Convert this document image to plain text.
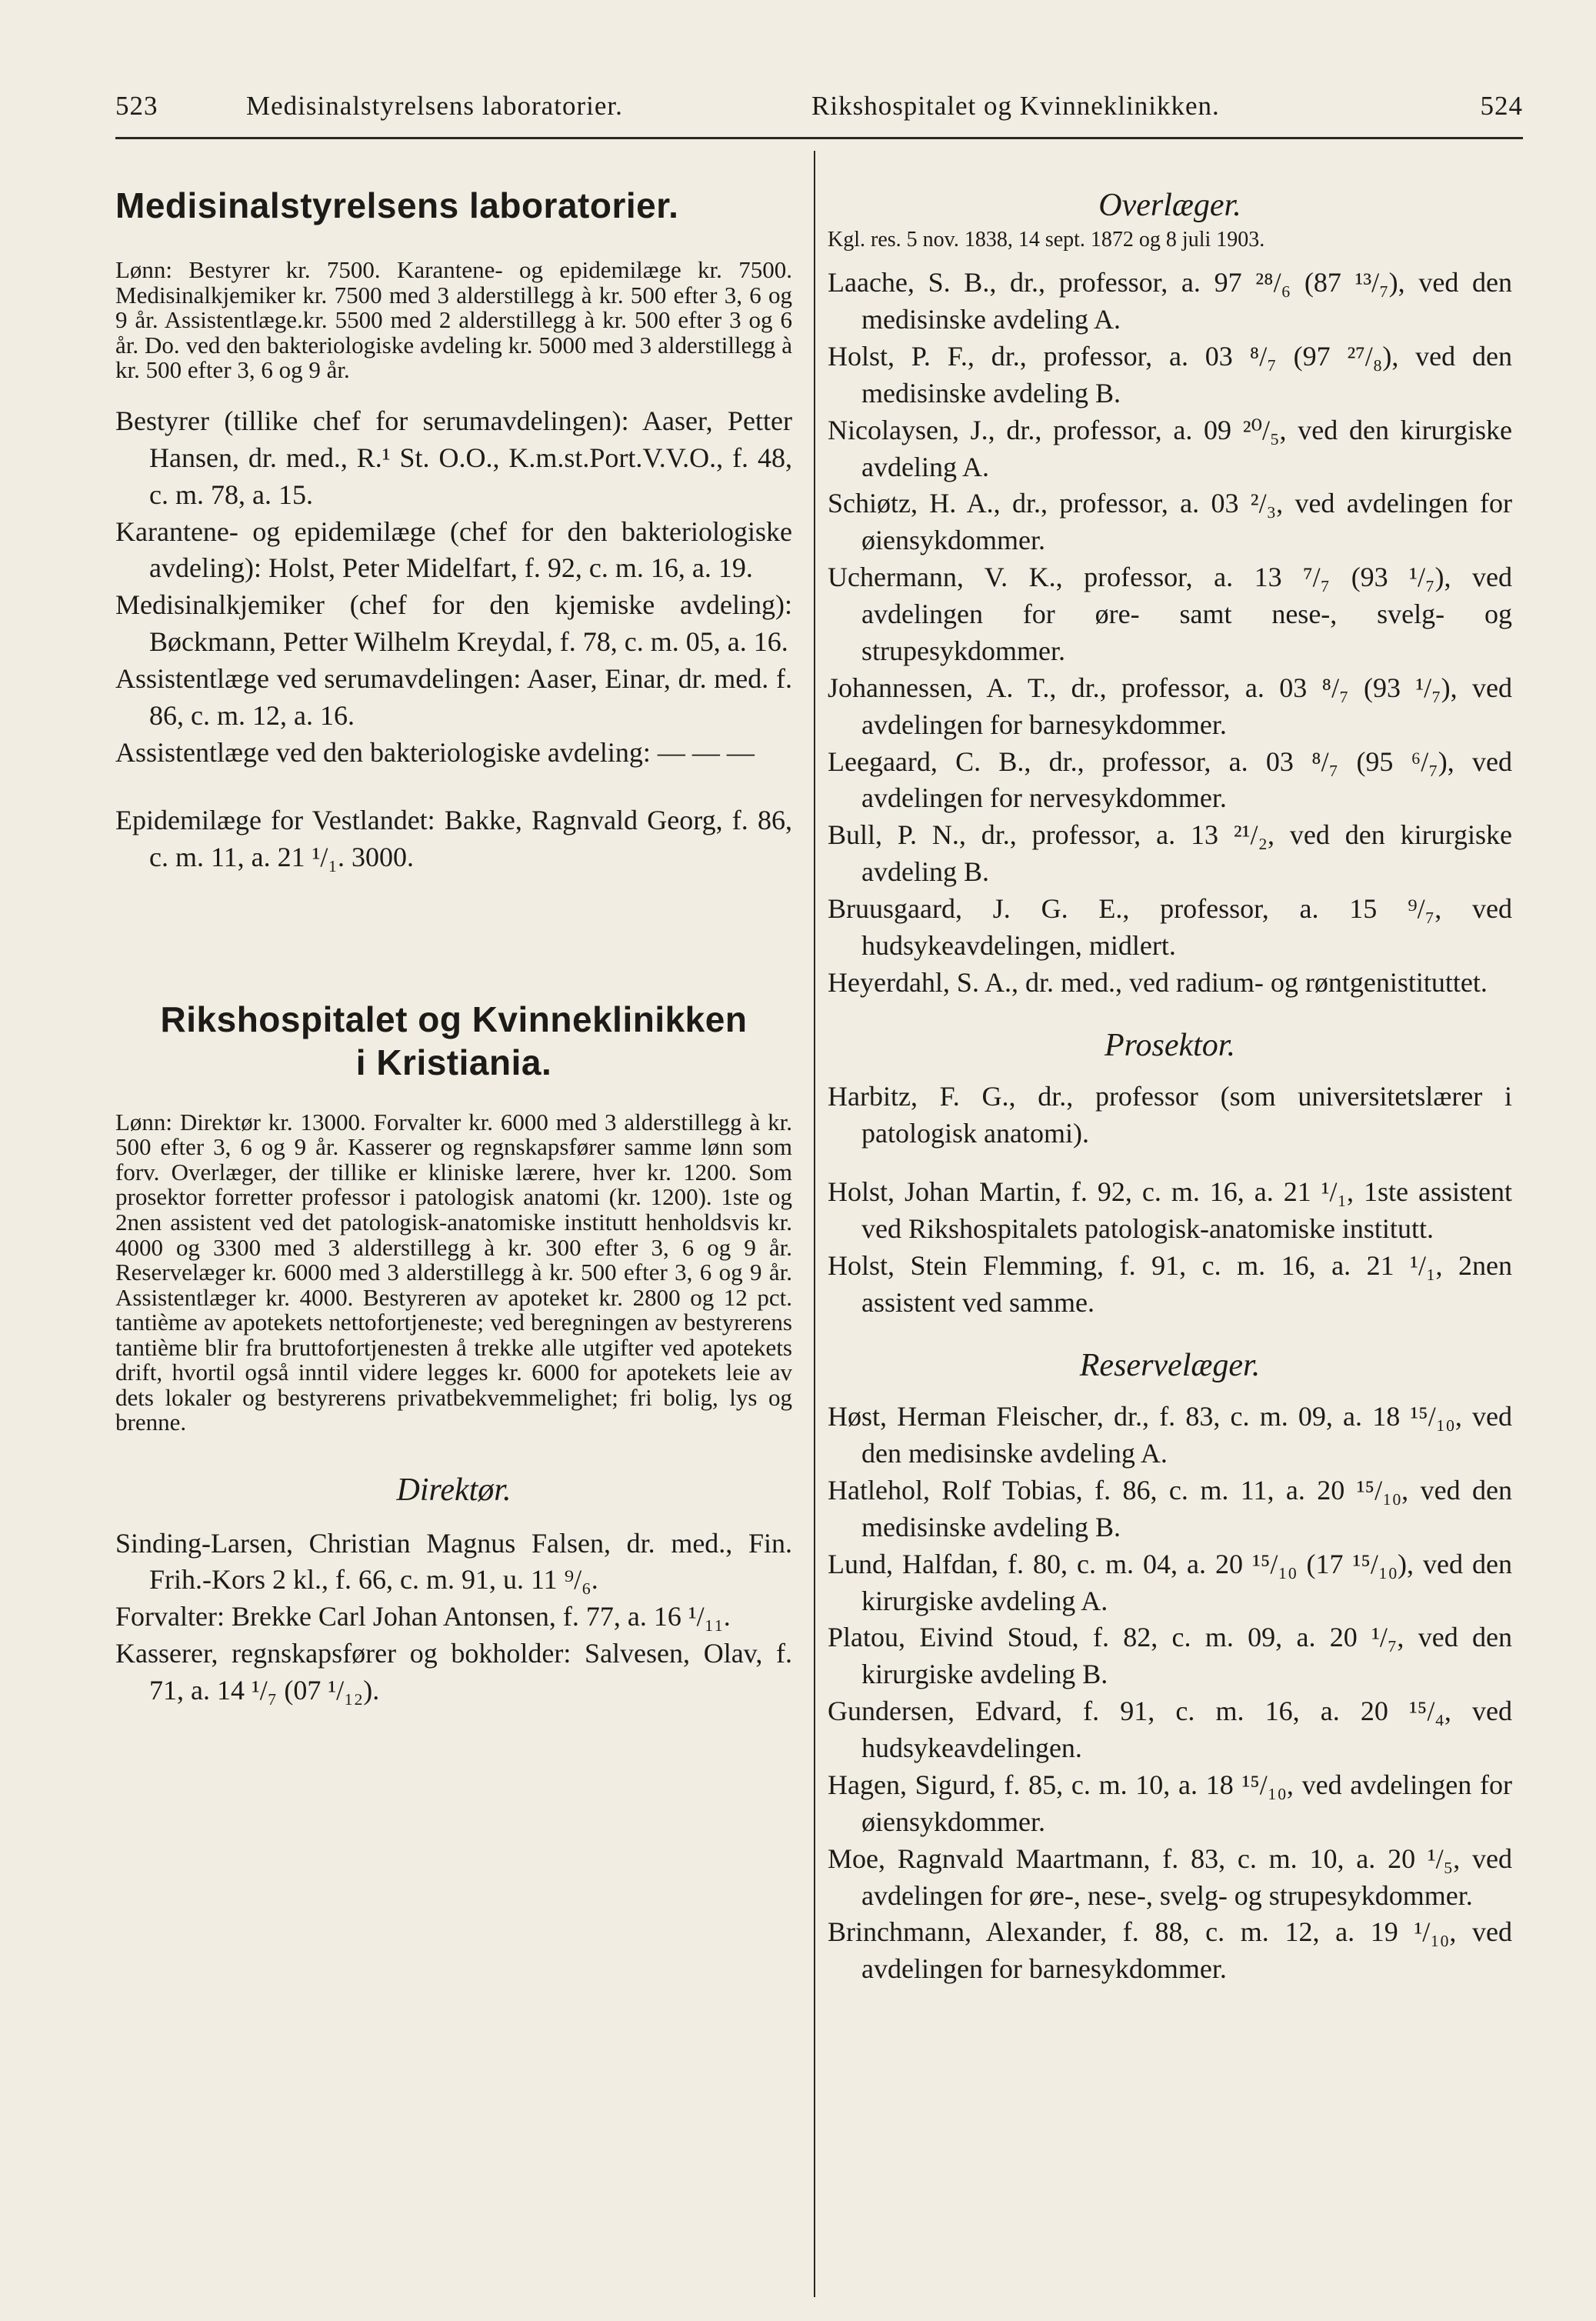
523	Medisinalstyrelsens laboratorier.	Rikshospitalet og Kvinneklinikken.	524
Medisinalstyrelsens laboratorier.

Lønn: Bestyrer kr. 7500. Karantene- og epidemilæge kr. 7500. Medisinalkjemiker kr. 7500 med 3 alderstillegg à kr. 500 efter 3, 6 og 9 år. Assistentlæge.kr. 5500 med 2 alderstillegg à kr. 500 efter 3 og 6 år. Do. ved den bakteriologiske avdeling kr. 5000 med 3 alderstillegg à kr. 500 efter 3, 6 og 9 år.

Bestyrer (tillike chef for serumavdelingen): Aaser, Petter Hansen, dr. med., R.¹ St. O.O., K.m.st.Port.V.V.O., f. 48, c. m. 78, a. 15.

Karantene- og epidemilæge (chef for den bakteriologiske avdeling): Holst, Peter Midelfart, f. 92, c. m. 16, a. 19.

Medisinalkjemiker (chef for den kjemiske avdeling): Bøckmann, Petter Wilhelm Kreydal, f. 78, c. m. 05, a. 16.

Assistentlæge ved serumavdelingen: Aaser, Einar, dr. med. f. 86, c. m. 12, a. 16.

Assistentlæge ved den bakteriologiske avdeling: — — —

Epidemilæge for Vestlandet: Bakke, Ragnvald Georg, f. 86, c. m. 11, a. 21 ¹/₁. 3000.

Rikshospitalet og Kvinneklinikken
i Kristiania.

Lønn: Direktør kr. 13000. Forvalter kr. 6000 med 3 alderstillegg à kr. 500 efter 3, 6 og 9 år. Kasserer og regnskapsfører samme lønn som forv. Overlæger, der tillike er kliniske lærere, hver kr. 1200. Som prosektor forretter professor i patologisk anatomi (kr. 1200). 1ste og 2nen assistent ved det patologisk-anatomiske institutt henholdsvis kr. 4000 og 3300 med 3 alderstillegg à kr. 300 efter 3, 6 og 9 år. Reservelæger kr. 6000 med 3 alderstillegg à kr. 500 efter 3, 6 og 9 år. Assistentlæger kr. 4000. Bestyreren av apoteket kr. 2800 og 12 pct. tantième av apotekets nettofortjeneste; ved beregningen av bestyrerens tantième blir fra bruttofortjenesten å trekke alle utgifter ved apotekets drift, hvortil også inntil videre legges kr. 6000 for apotekets leie av dets lokaler og bestyrerens privatbekvemmelighet; fri bolig, lys og brenne.

Direktør.

Sinding-Larsen, Christian Magnus Falsen, dr. med., Fin. Frih.-Kors 2 kl., f. 66, c. m. 91, u. 11 ⁹/₆.

Forvalter: Brekke Carl Johan Antonsen, f. 77, a. 16 ¹/₁₁.

Kasserer, regnskapsfører og bokholder: Salvesen, Olav, f. 71, a. 14 ¹/₇ (07 ¹/₁₂).

Overlæger.

Kgl. res. 5 nov. 1838, 14 sept. 1872 og 8 juli 1903.

Laache, S. B., dr., professor, a. 97 ²⁸/₆ (87 ¹³/₇), ved den medisinske avdeling A.

Holst, P. F., dr., professor, a. 03 ⁸/₇ (97 ²⁷/₈), ved den medisinske avdeling B.

Nicolaysen, J., dr., professor, a. 09 ²⁰/₅, ved den kirurgiske avdeling A.

Schiøtz, H. A., dr., professor, a. 03 ²/₃, ved avdelingen for øiensykdommer.

Uchermann, V. K., professor, a. 13 ⁷/₇ (93 ¹/₇), ved avdelingen for øre- samt nese-, svelg- og strupesykdommer.

Johannessen, A. T., dr., professor, a. 03 ⁸/₇ (93 ¹/₇), ved avdelingen for barnesykdommer.

Leegaard, C. B., dr., professor, a. 03 ⁸/₇ (95 ⁶/₇), ved avdelingen for nervesykdommer.

Bull, P. N., dr., professor, a. 13 ²¹/₂, ved den kirurgiske avdeling B.

Bruusgaard, J. G. E., professor, a. 15 ⁹/₇, ved hudsykeavdelingen, midlert.

Heyerdahl, S. A., dr. med., ved radium- og røntgenistituttet.

Prosektor.

Harbitz, F. G., dr., professor (som universitetslærer i patologisk anatomi).

Holst, Johan Martin, f. 92, c. m. 16, a. 21 ¹/₁, 1ste assistent ved Rikshospitalets patologisk-anatomiske institutt.

Holst, Stein Flemming, f. 91, c. m. 16, a. 21 ¹/₁, 2nen assistent ved samme.

Reservelæger.

Høst, Herman Fleischer, dr., f. 83, c. m. 09, a. 18 ¹⁵/₁₀, ved den medisinske avdeling A.

Hatlehol, Rolf Tobias, f. 86, c. m. 11, a. 20 ¹⁵/₁₀, ved den medisinske avdeling B.

Lund, Halfdan, f. 80, c. m. 04, a. 20 ¹⁵/₁₀ (17 ¹⁵/₁₀), ved den kirurgiske avdeling A.

Platou, Eivind Stoud, f. 82, c. m. 09, a. 20 ¹/₇, ved den kirurgiske avdeling B.

Gundersen, Edvard, f. 91, c. m. 16, a. 20 ¹⁵/₄, ved hudsykeavdelingen.

Hagen, Sigurd, f. 85, c. m. 10, a. 18 ¹⁵/₁₀, ved avdelingen for øiensykdommer.

Moe, Ragnvald Maartmann, f. 83, c. m. 10, a. 20 ¹/₅, ved avdelingen for øre-, nese-, svelg- og strupesykdommer.

Brinchmann, Alexander, f. 88, c. m. 12, a. 19 ¹/₁₀, ved avdelingen for barnesykdommer.
